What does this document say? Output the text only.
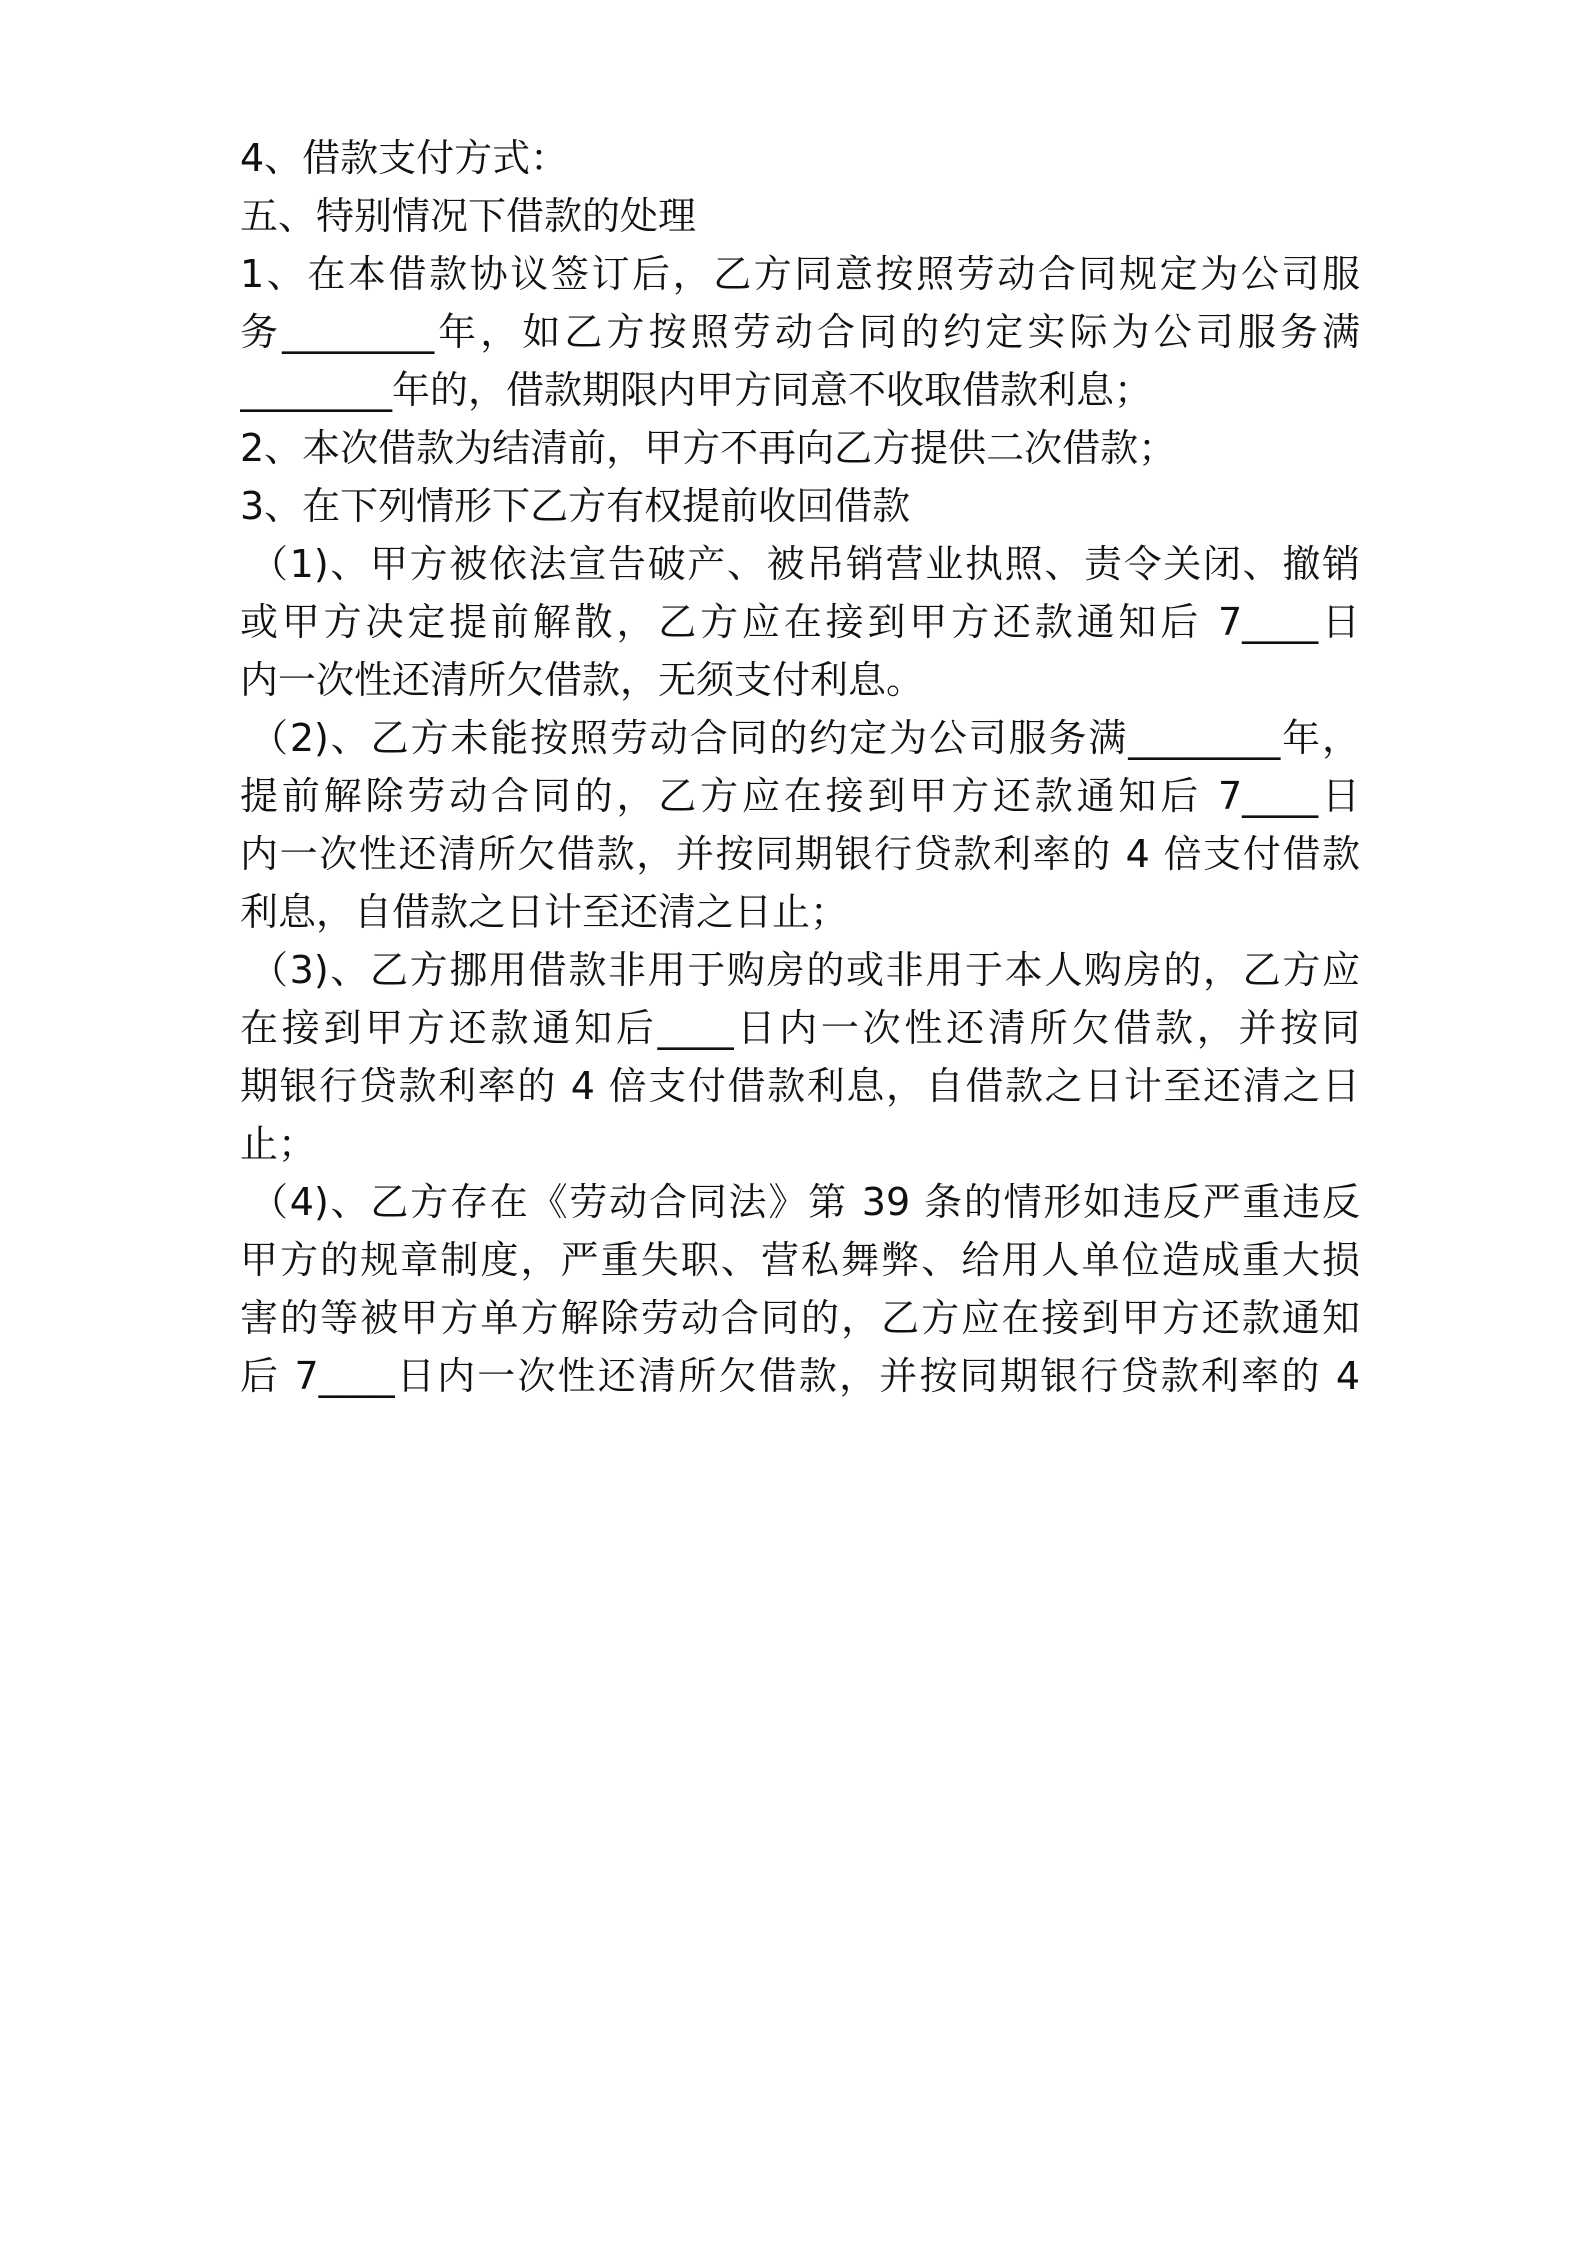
4、借款支付方式：

五、特别情况下借款的处理

1、在本借款协议签订后，乙方同意按照劳动合同规定为公司服

务________年，如乙方按照劳动合同的约定实际为公司服务满

________年的，借款期限内甲方同意不收取借款利息；

2、本次借款为结清前，甲方不再向乙方提供二次借款；

3、在下列情形下乙方有权提前收回借款

（1)、甲方被依法宣告破产、被吊销营业执照、责令关闭、撤销

或甲方决定提前解散，乙方应在接到甲方还款通知后 7____日

内一次性还清所欠借款，无须支付利息。

（2)、乙方未能按照劳动合同的约定为公司服务满________年，

提前解除劳动合同的，乙方应在接到甲方还款通知后 7____日

内一次性还清所欠借款，并按同期银行贷款利率的 4 倍支付借款

利息，自借款之日计至还清之日止；

（3)、乙方挪用借款非用于购房的或非用于本人购房的，乙方应

在接到甲方还款通知后____日内一次性还清所欠借款，并按同

期银行贷款利率的 4 倍支付借款利息，自借款之日计至还清之日

止；

（4)、乙方存在《劳动合同法》第 39 条的情形如违反严重违反

甲方的规章制度，严重失职、营私舞弊、给用人单位造成重大损

害的等被甲方单方解除劳动合同的，乙方应在接到甲方还款通知

后 7____日内一次性还清所欠借款，并按同期银行贷款利率的 4
